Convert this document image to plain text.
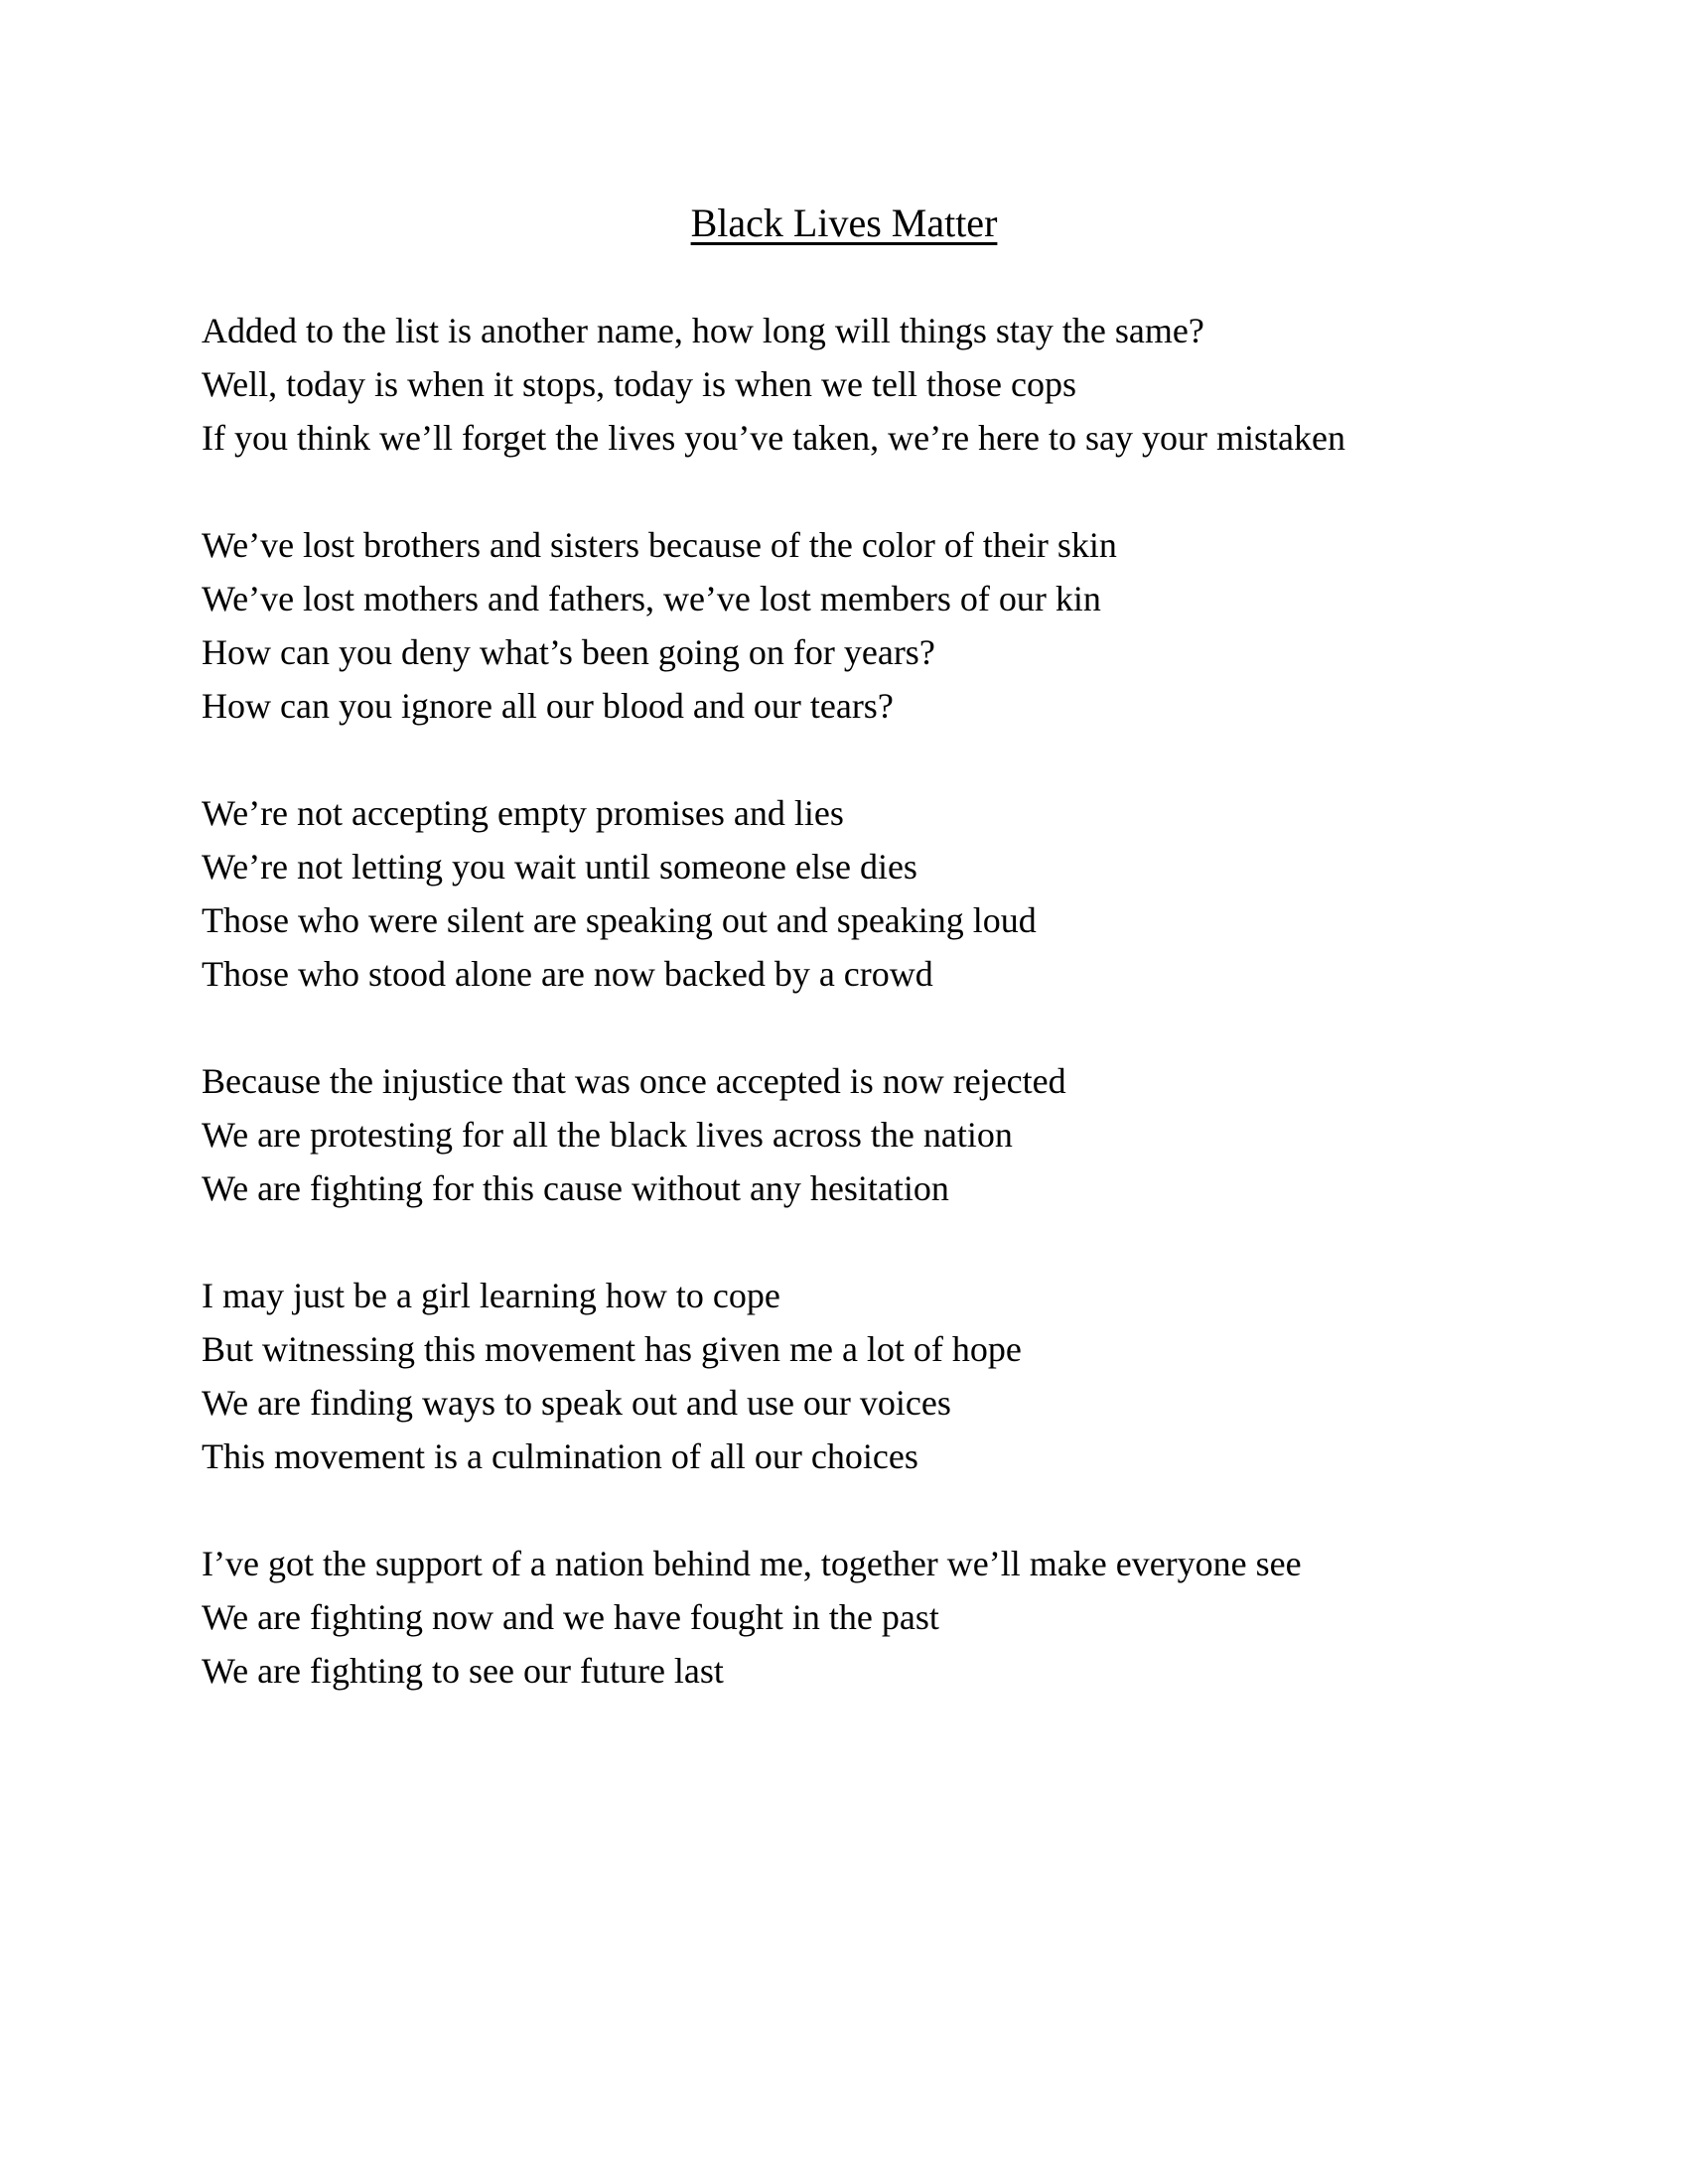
Black Lives Matter
Added to the list is another name, how long will things stay the same?
Well, today is when it stops, today is when we tell those cops
If you think we’ll forget the lives you’ve taken, we’re here to say your mistaken
We’ve lost brothers and sisters because of the color of their skin
We’ve lost mothers and fathers, we’ve lost members of our kin
How can you deny what’s been going on for years?
How can you ignore all our blood and our tears?
We’re not accepting empty promises and lies
We’re not letting you wait until someone else dies
Those who were silent are speaking out and speaking loud
Those who stood alone are now backed by a crowd
Because the injustice that was once accepted is now rejected
We are protesting for all the black lives across the nation
We are fighting for this cause without any hesitation
I may just be a girl learning how to cope
But witnessing this movement has given me a lot of hope
We are finding ways to speak out and use our voices
This movement is a culmination of all our choices
I’ve got the support of a nation behind me, together we’ll make everyone see
We are fighting now and we have fought in the past
We are fighting to see our future last
